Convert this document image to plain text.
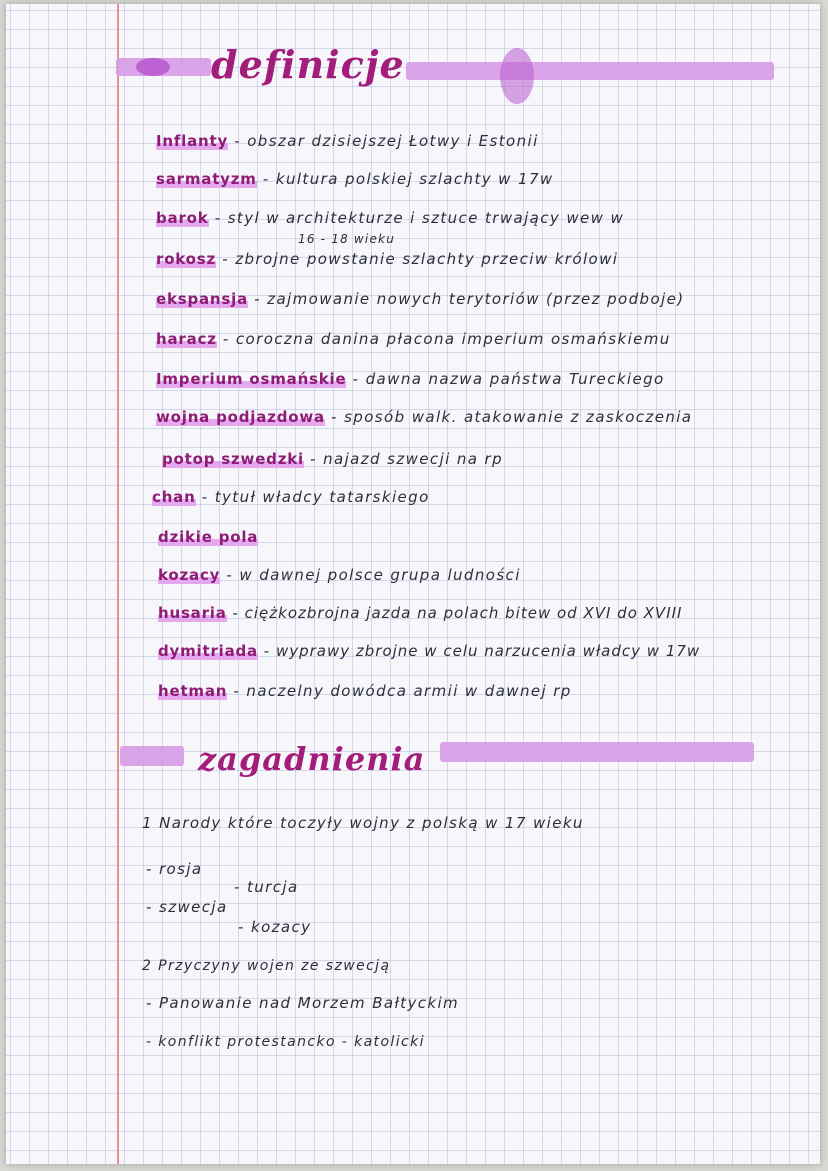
definicje
Inflanty - obszar dzisiejszej Łotwy i Estonii
sarmatyzm - kultura polskiej szlachty w 17w
barok - styl w architekturze i sztuce trwający wew w
16 - 18 wieku
rokosz - zbrojne powstanie szlachty przeciw królowi
ekspansja - zajmowanie nowych terytoriów (przez podboje)
haracz - coroczna danina płacona imperium osmańskiemu
Imperium osmańskie - dawna nazwa państwa Tureckiego
wojna podjazdowa - sposób walk. atakowanie z zaskoczenia
potop szwedzki - najazd szwecji na rp
chan - tytuł władcy tatarskiego
dzikie pola
kozacy - w dawnej polsce grupa ludności
husaria - ciężkozbrojna jazda na polach bitew od XVI do XVIII
dymitriada - wyprawy zbrojne w celu narzucenia władcy w 17w
hetman - naczelny dowódca armii w dawnej rp
zagadnienia
1 Narody które toczyły wojny z polską w 17 wieku
- rosja
- turcja
- szwecja
- kozacy
2 Przyczyny wojen ze szwecją
- Panowanie nad Morzem Bałtyckim
- konflikt protestancko - katolicki
